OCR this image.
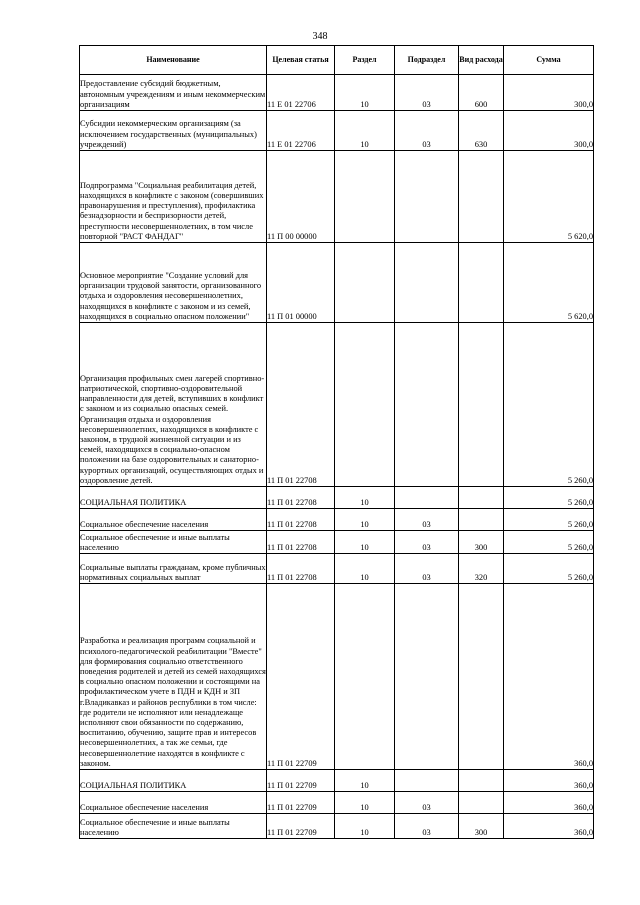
348
Наименование	Целевая статья	Раздел	Подраздел	Вид расхода	Сумма

Предоставление субсидий бюджетным, автономным учреждениям и иным некоммерческим организациям	11 Е 01 22706	10	03	600	300,0

Субсидии некоммерческим организациям (за исключением государственных (муниципальных) учреждений)	11 Е 01 22706	10	03	630	300,0

Подпрограмма "Социальная реабилитация детей, находящихся в конфликте с законом (совершивших правонарушения и преступления), профилактика безнадзорности и беспризорности детей, преступности несовершеннолетних, в том числе повторной "РАСТ ФАНДАГ"	11 П 00 00000				5 620,0

Основное мероприятие "Создание условий для организации трудовой занятости, организованного отдыха и оздоровления несовершеннолетних, находящихся в конфликте с законом и из семей, находящихся в социально опасном положении"	11 П 01 00000				5 620,0

Организация профильных смен лагерей спортивно-патриотической, спортивно-оздоровительной направленности для детей, вступивших в конфликт с законом и из социально опасных семей. Организация отдыха и оздоровления несовершеннолетних, находящихся в конфликте с законом, в трудной жизненной ситуации и из семей, находящихся в социально-опасном положении на базе оздоровительных и санаторно-курортных организаций, осуществляющих отдых и оздоровление детей.	11 П 01 22708				5 260,0

СОЦИАЛЬНАЯ ПОЛИТИКА	11 П 01 22708	10			5 260,0

Социальное обеспечение населения	11 П 01 22708	10	03		5 260,0

Социальное обеспечение и иные выплаты населению	11 П 01 22708	10	03	300	5 260,0

Социальные выплаты гражданам, кроме публичных нормативных социальных выплат	11 П 01 22708	10	03	320	5 260,0

Разработка и реализация программ социальной и психолого-педагогической реабилитации "Вместе" для формирования социально ответственного поведения родителей и детей из семей находящихся в социально опасном положении и состоящими на профилактическом учете в ПДН и КДН и ЗП г.Владикавказ и районов республики в том числе: где родители не исполняют или ненадлежаще исполняют свои обязанности по содержанию, воспитанию, обучению, защите прав и интересов несовершеннолетних, а так же семьи, где несовершеннолетние находятся в конфликте с законом.	11 П 01 22709				360,0

СОЦИАЛЬНАЯ ПОЛИТИКА	11 П 01 22709	10			360,0

Социальное обеспечение населения	11 П 01 22709	10	03		360,0

Социальное обеспечение и иные выплаты населению	11 П 01 22709	10	03	300	360,0
